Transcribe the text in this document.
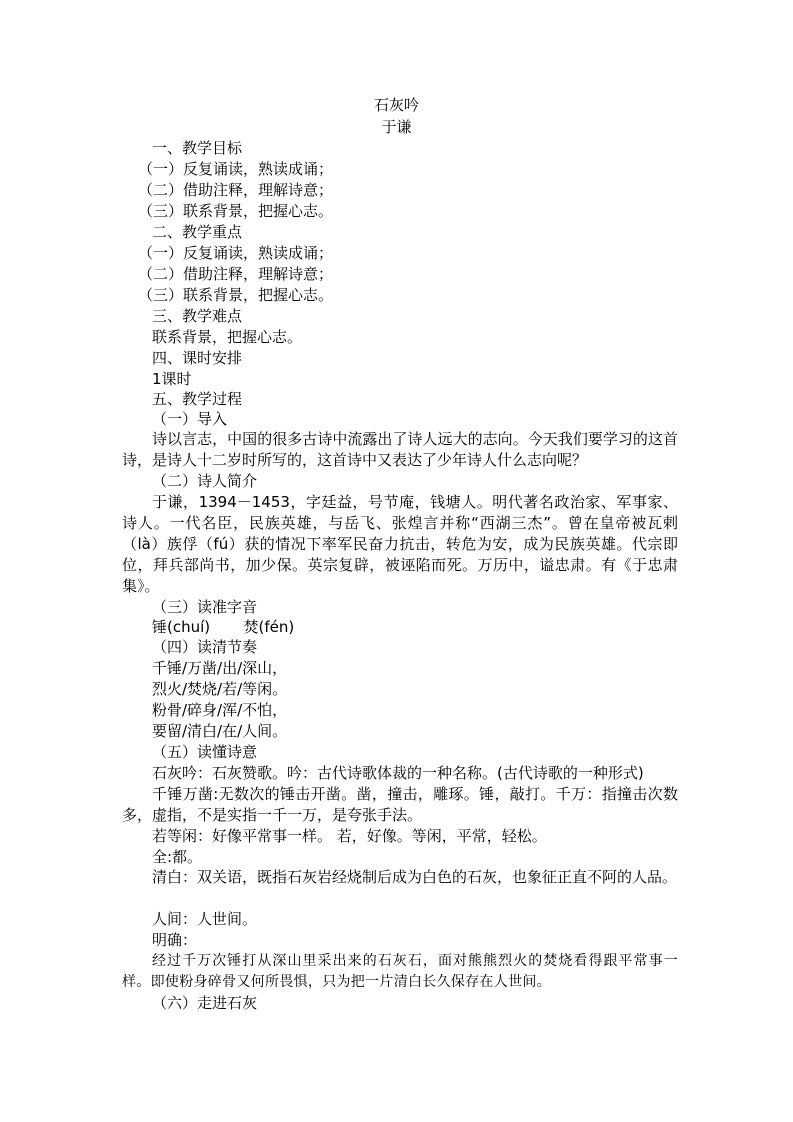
石灰吟
于谦
一、教学目标
（一）反复诵读，熟读成诵；
（二）借助注释，理解诗意；
（三）联系背景，把握心志。
二、教学重点
（一）反复诵读，熟读成诵；
（二）借助注释，理解诗意；
（三）联系背景，把握心志。
三、教学难点
联系背景，把握心志。
四、课时安排
1课时
五、教学过程
（一）导入
诗以言志，中国的很多古诗中流露出了诗人远大的志向。今天我们要学习的这首诗，是诗人十二岁时所写的，这首诗中又表达了少年诗人什么志向呢？
（二）诗人简介
于谦，1394－1453，字廷益，号节庵，钱塘人。明代著名政治家、军事家、诗人。一代名臣，民族英雄，与岳飞、张煌言并称“西湖三杰”。曾在皇帝被瓦剌（là）族俘（fú）获的情况下率军民奋力抗击，转危为安，成为民族英雄。代宗即位，拜兵部尚书，加少保。英宗复辟，被诬陷而死。万历中，谥忠肃。有《于忠肃集》。
（三）读准字音
锤(chuí)       焚(fén)
（四）读清节奏
千锤/万凿/出/深山，
烈火/焚烧/若/等闲。
粉骨/碎身/浑/不怕，
要留/清白/在/人间。
（五）读懂诗意
石灰吟：石灰赞歌。吟：古代诗歌体裁的一种名称。(古代诗歌的一种形式)
千锤万凿:无数次的锤击开凿。凿，撞击，雕琢。锤，敲打。千万：指撞击次数多，虚指，不是实指一千一万，是夸张手法。
若等闲：好像平常事一样。 若，好像。等闲，平常，轻松。
全:都。
清白：双关语，既指石灰岩经烧制后成为白色的石灰，也象征正直不阿的人品。
人间：人世间。
明确：
经过千万次锤打从深山里采出来的石灰石，面对熊熊烈火的焚烧看得跟平常事一样。即使粉身碎骨又何所畏惧，只为把一片清白长久保存在人世间。
（六）走进石灰
